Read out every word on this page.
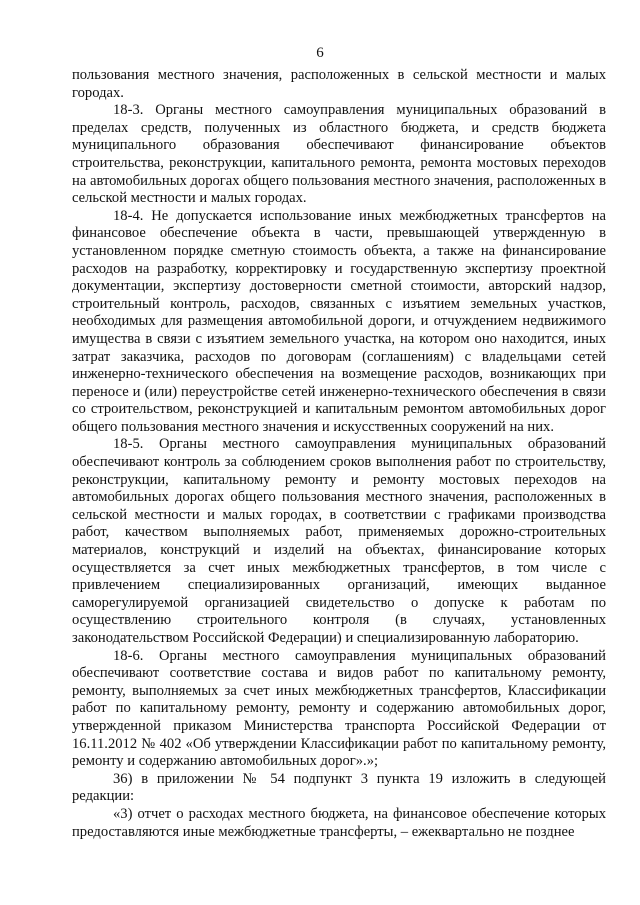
6

пользования местного значения, расположенных в сельской местности и малых городах.

18-3. Органы местного самоуправления муниципальных образований в пределах средств, полученных из областного бюджета, и средств бюджета муниципального образования обеспечивают финансирование объектов строительства, реконструкции, капитального ремонта, ремонта мостовых переходов на автомобильных дорогах общего пользования местного значения, расположенных в сельской местности и малых городах.

18-4. Не допускается использование иных межбюджетных трансфертов на финансовое обеспечение объекта в части, превышающей утвержденную в установленном порядке сметную стоимость объекта, а также на финансирование расходов на разработку, корректировку и государственную экспертизу проектной документации, экспертизу достоверности сметной стоимости, авторский надзор, строительный контроль, расходов, связанных с изъятием земельных участков, необходимых для размещения автомобильной дороги, и отчуждением недвижимого имущества в связи с изъятием земельного участка, на котором оно находится, иных затрат заказчика, расходов по договорам (соглашениям) с владельцами сетей инженерно-технического обеспечения на возмещение расходов, возникающих при переносе и (или) переустройстве сетей инженерно-технического обеспечения в связи со строительством, реконструкцией и капитальным ремонтом автомобильных дорог общего пользования местного значения и искусственных сооружений на них.

18-5. Органы местного самоуправления муниципальных образований обеспечивают контроль за соблюдением сроков выполнения работ по строительству, реконструкции, капитальному ремонту и ремонту мостовых переходов на автомобильных дорогах общего пользования местного значения, расположенных в сельской местности и малых городах, в соответствии с графиками производства работ, качеством выполняемых работ, применяемых дорожно-строительных материалов, конструкций и изделий на объектах, финансирование которых осуществляется за счет иных межбюджетных трансфертов, в том числе с привлечением специализированных организаций, имеющих выданное саморегулируемой организацией свидетельство о допуске к работам по осуществлению строительного контроля (в случаях, установленных законодательством Российской Федерации) и специализированную лабораторию.

18-6. Органы местного самоуправления муниципальных образований обеспечивают соответствие состава и видов работ по капитальному ремонту, ремонту, выполняемых за счет иных межбюджетных трансфертов, Классификации работ по капитальному ремонту, ремонту и содержанию автомобильных дорог, утвержденной приказом Министерства транспорта Российской Федерации от 16.11.2012 № 402 «Об утверждении Классификации работ по капитальному ремонту, ремонту и содержанию автомобильных дорог».»;

36) в приложении № 54 подпункт 3 пункта 19 изложить в следующей редакции:

«3) отчет о расходах местного бюджета, на финансовое обеспечение которых предоставляются иные межбюджетные трансферты, – ежеквартально не позднее
